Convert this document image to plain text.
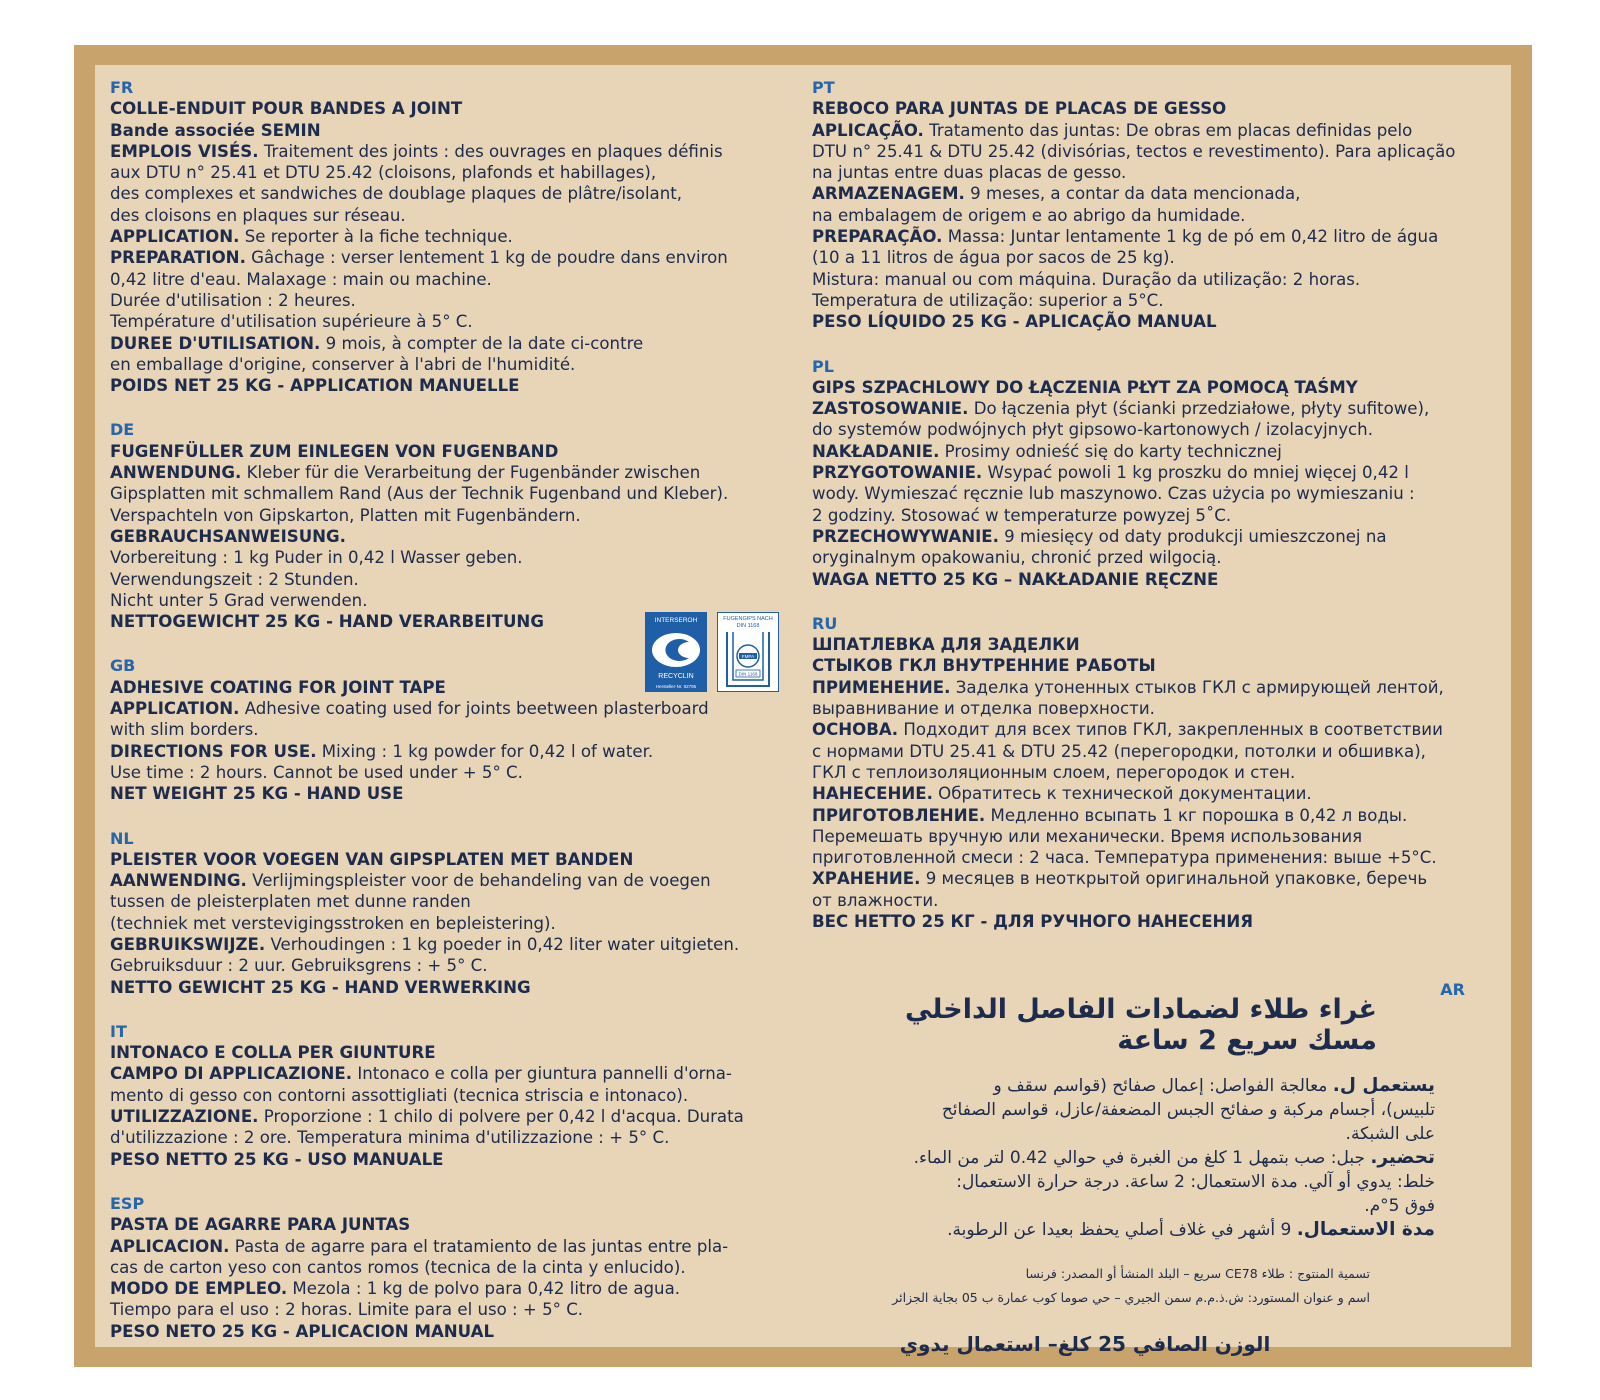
FR
COLLE-ENDUIT POUR BANDES A JOINT
Bande associée SEMIN
EMPLOIS VISÉS. Traitement des joints : des ouvrages en plaques définis
aux DTU n° 25.41 et DTU 25.42 (cloisons, plafonds et habillages),
des complexes et sandwiches de doublage plaques de plâtre/isolant,
des cloisons en plaques sur réseau.
APPLICATION. Se reporter à la fiche technique.
PREPARATION. Gâchage : verser lentement 1 kg de poudre dans environ
0,42 litre d'eau. Malaxage : main ou machine.
Durée d'utilisation : 2 heures.
Température d'utilisation supérieure à 5° C.
DUREE D'UTILISATION. 9 mois, à compter de la date ci-contre
en emballage d'origine, conserver à l'abri de l'humidité.
POIDS NET 25 KG - APPLICATION MANUELLE
DE
FUGENFÜLLER ZUM EINLEGEN VON FUGENBAND
ANWENDUNG. Kleber für die Verarbeitung der Fugenbänder zwischen
Gipsplatten mit schmallem Rand (Aus der Technik Fugenband und Kleber).
Verspachteln von Gipskarton, Platten mit Fugenbändern.
GEBRAUCHSANWEISUNG.
Vorbereitung : 1 kg Puder in 0,42 l Wasser geben.
Verwendungszeit : 2 Stunden.
Nicht unter 5 Grad verwenden.
NETTOGEWICHT 25 KG - HAND VERARBEITUNG
GB
ADHESIVE COATING FOR JOINT TAPE
APPLICATION. Adhesive coating used for joints beetween plasterboard
with slim borders.
DIRECTIONS FOR USE. Mixing : 1 kg powder for 0,42 l of water.
Use time : 2 hours. Cannot be used under + 5° C.
NET WEIGHT 25 KG - HAND USE
NL
PLEISTER VOOR VOEGEN VAN GIPSPLATEN MET BANDEN
AANWENDING. Verlijmingspleister voor de behandeling van de voegen
tussen de pleisterplaten met dunne randen
(techniek met verstevigingsstroken en bepleistering).
GEBRUIKSWIJZE. Verhoudingen : 1 kg poeder in 0,42 liter water uitgieten.
Gebruiksduur : 2 uur. Gebruiksgrens : + 5° C.
NETTO GEWICHT 25 KG - HAND VERWERKING
IT
INTONACO E COLLA PER GIUNTURE
CAMPO DI APPLICAZIONE. Intonaco e colla per giuntura pannelli d'orna-
mento di gesso con contorni assottigliati (tecnica striscia e intonaco).
UTILIZZAZIONE. Proporzione : 1 chilo di polvere per 0,42 l d'acqua. Durata
d'utilizzazione : 2 ore. Temperatura minima d'utilizzazione : + 5° C.
PESO NETTO 25 KG - USO MANUALE
ESP
PASTA DE AGARRE PARA JUNTAS
APLICACION. Pasta de agarre para el tratamiento de las juntas entre pla-
cas de carton yeso con cantos romos (tecnica de la cinta y enlucido).
MODO DE EMPLEO. Mezola : 1 kg de polvo para 0,42 litro de agua.
Tiempo para el uso : 2 horas. Limite para el uso : + 5° C.
PESO NETO 25 KG - APLICACION MANUAL
INTERSEROH
RECYCLIN
Hersteller-Nr. 92795
FUGENGIPS NACH
DIN 1168
FMPA
DIN 1168
PT
REBOCO PARA JUNTAS DE PLACAS DE GESSO
APLICAÇÃO. Tratamento das juntas: De obras em placas definidas pelo
DTU n° 25.41 & DTU 25.42 (divisórias, tectos e revestimento). Para aplicação
na juntas entre duas placas de gesso.
ARMAZENAGEM. 9 meses, a contar da data mencionada,
na embalagem de origem e ao abrigo da humidade.
PREPARAÇÃO. Massa: Juntar lentamente 1 kg de pó em 0,42 litro de água
(10 a 11 litros de água por sacos de 25 kg).
Mistura: manual ou com máquina. Duração da utilização: 2 horas.
Temperatura de utilização: superior a 5°C.
PESO LÍQUIDO 25 KG - APLICAÇÃO MANUAL
PL
GIPS SZPACHLOWY DO ŁĄCZENIA PŁYT ZA POMOCĄ TAŚMY
ZASTOSOWANIE. Do łączenia płyt (ścianki przedziałowe, płyty sufitowe),
do systemów podwójnych płyt gipsowo-kartonowych / izolacyjnych.
NAKŁADANIE. Prosimy odnieść się do karty technicznej
PRZYGOTOWANIE. Wsypać powoli 1 kg proszku do mniej więcej 0,42 l
wody. Wymieszać ręcznie lub maszynowo. Czas użycia po wymieszaniu :
2 godziny. Stosować w temperaturze powyzej 5˚C.
PRZECHOWYWANIE. 9 miesięcy od daty produkcji umieszczonej na
oryginalnym opakowaniu, chronić przed wilgocią.
WAGA NETTO 25 KG – NAKŁADANIE RĘCZNE
RU
ШПАТЛЕВКА ДЛЯ ЗАДЕЛКИ
СТЫКОВ ГКЛ ВНУТРЕННИЕ РАБОТЫ
ПРИМЕНЕНИЕ. Заделка утоненных стыков ГКЛ с армирующей лентой,
выравнивание и отделка поверхности.
ОСНОВА. Подходит для всех типов ГКЛ, закрепленных в соответствии
с нормами DTU 25.41 & DTU 25.42 (перегородки, потолки и обшивка),
ГКЛ с теплоизоляционным слоем, перегородок и стен.
НАНЕСЕНИЕ. Обратитесь к технической документации.
ПРИГОТОВЛЕНИЕ. Медленно всыпать 1 кг порошка в 0,42 л воды.
Перемешать вручную или механически. Время использования
приготовленной смеси : 2 часа. Температура применения: выше +5°С.
ХРАНЕНИЕ. 9 месяцев в неоткрытой оригинальной упаковке, беречь
от влажности.
ВЕС НЕТТО 25 КГ - ДЛЯ РУЧНОГО НАНЕСЕНИЯ
AR
غراء طلاء لضمادات الفاصل الداخلي
مسك سريع 2 ساعة
يستعمل ل. معالجة الفواصل: إعمال صفائح (قواسم سقف و
تلبيس)، أجسام مركبة و صفائح الجبس المضعفة/عازل، قواسم الصفائح
على الشبكة.
تحضير. جبل: صب بتمهل 1 كلغ من الغبرة في حوالي 0.42 لتر من الماء.
خلط: يدوي أو آلي. مدة الاستعمال: 2 ساعة. درجة حرارة الاستعمال:
فوق 5°م.
مدة الاستعمال. 9 أشهر في غلاف أصلي يحفظ بعيدا عن الرطوبة.
تسمية المنتوج : طلاء CE78 سريع – البلد المنشأ أو المصدر: فرنسا
اسم و عنوان المستورد: ش.ذ.م.م سمن الجيري – حي صوما كوب عمارة ب 05 بجاية الجزائر
الوزن الصافي 25 كلغ– استعمال يدوي
